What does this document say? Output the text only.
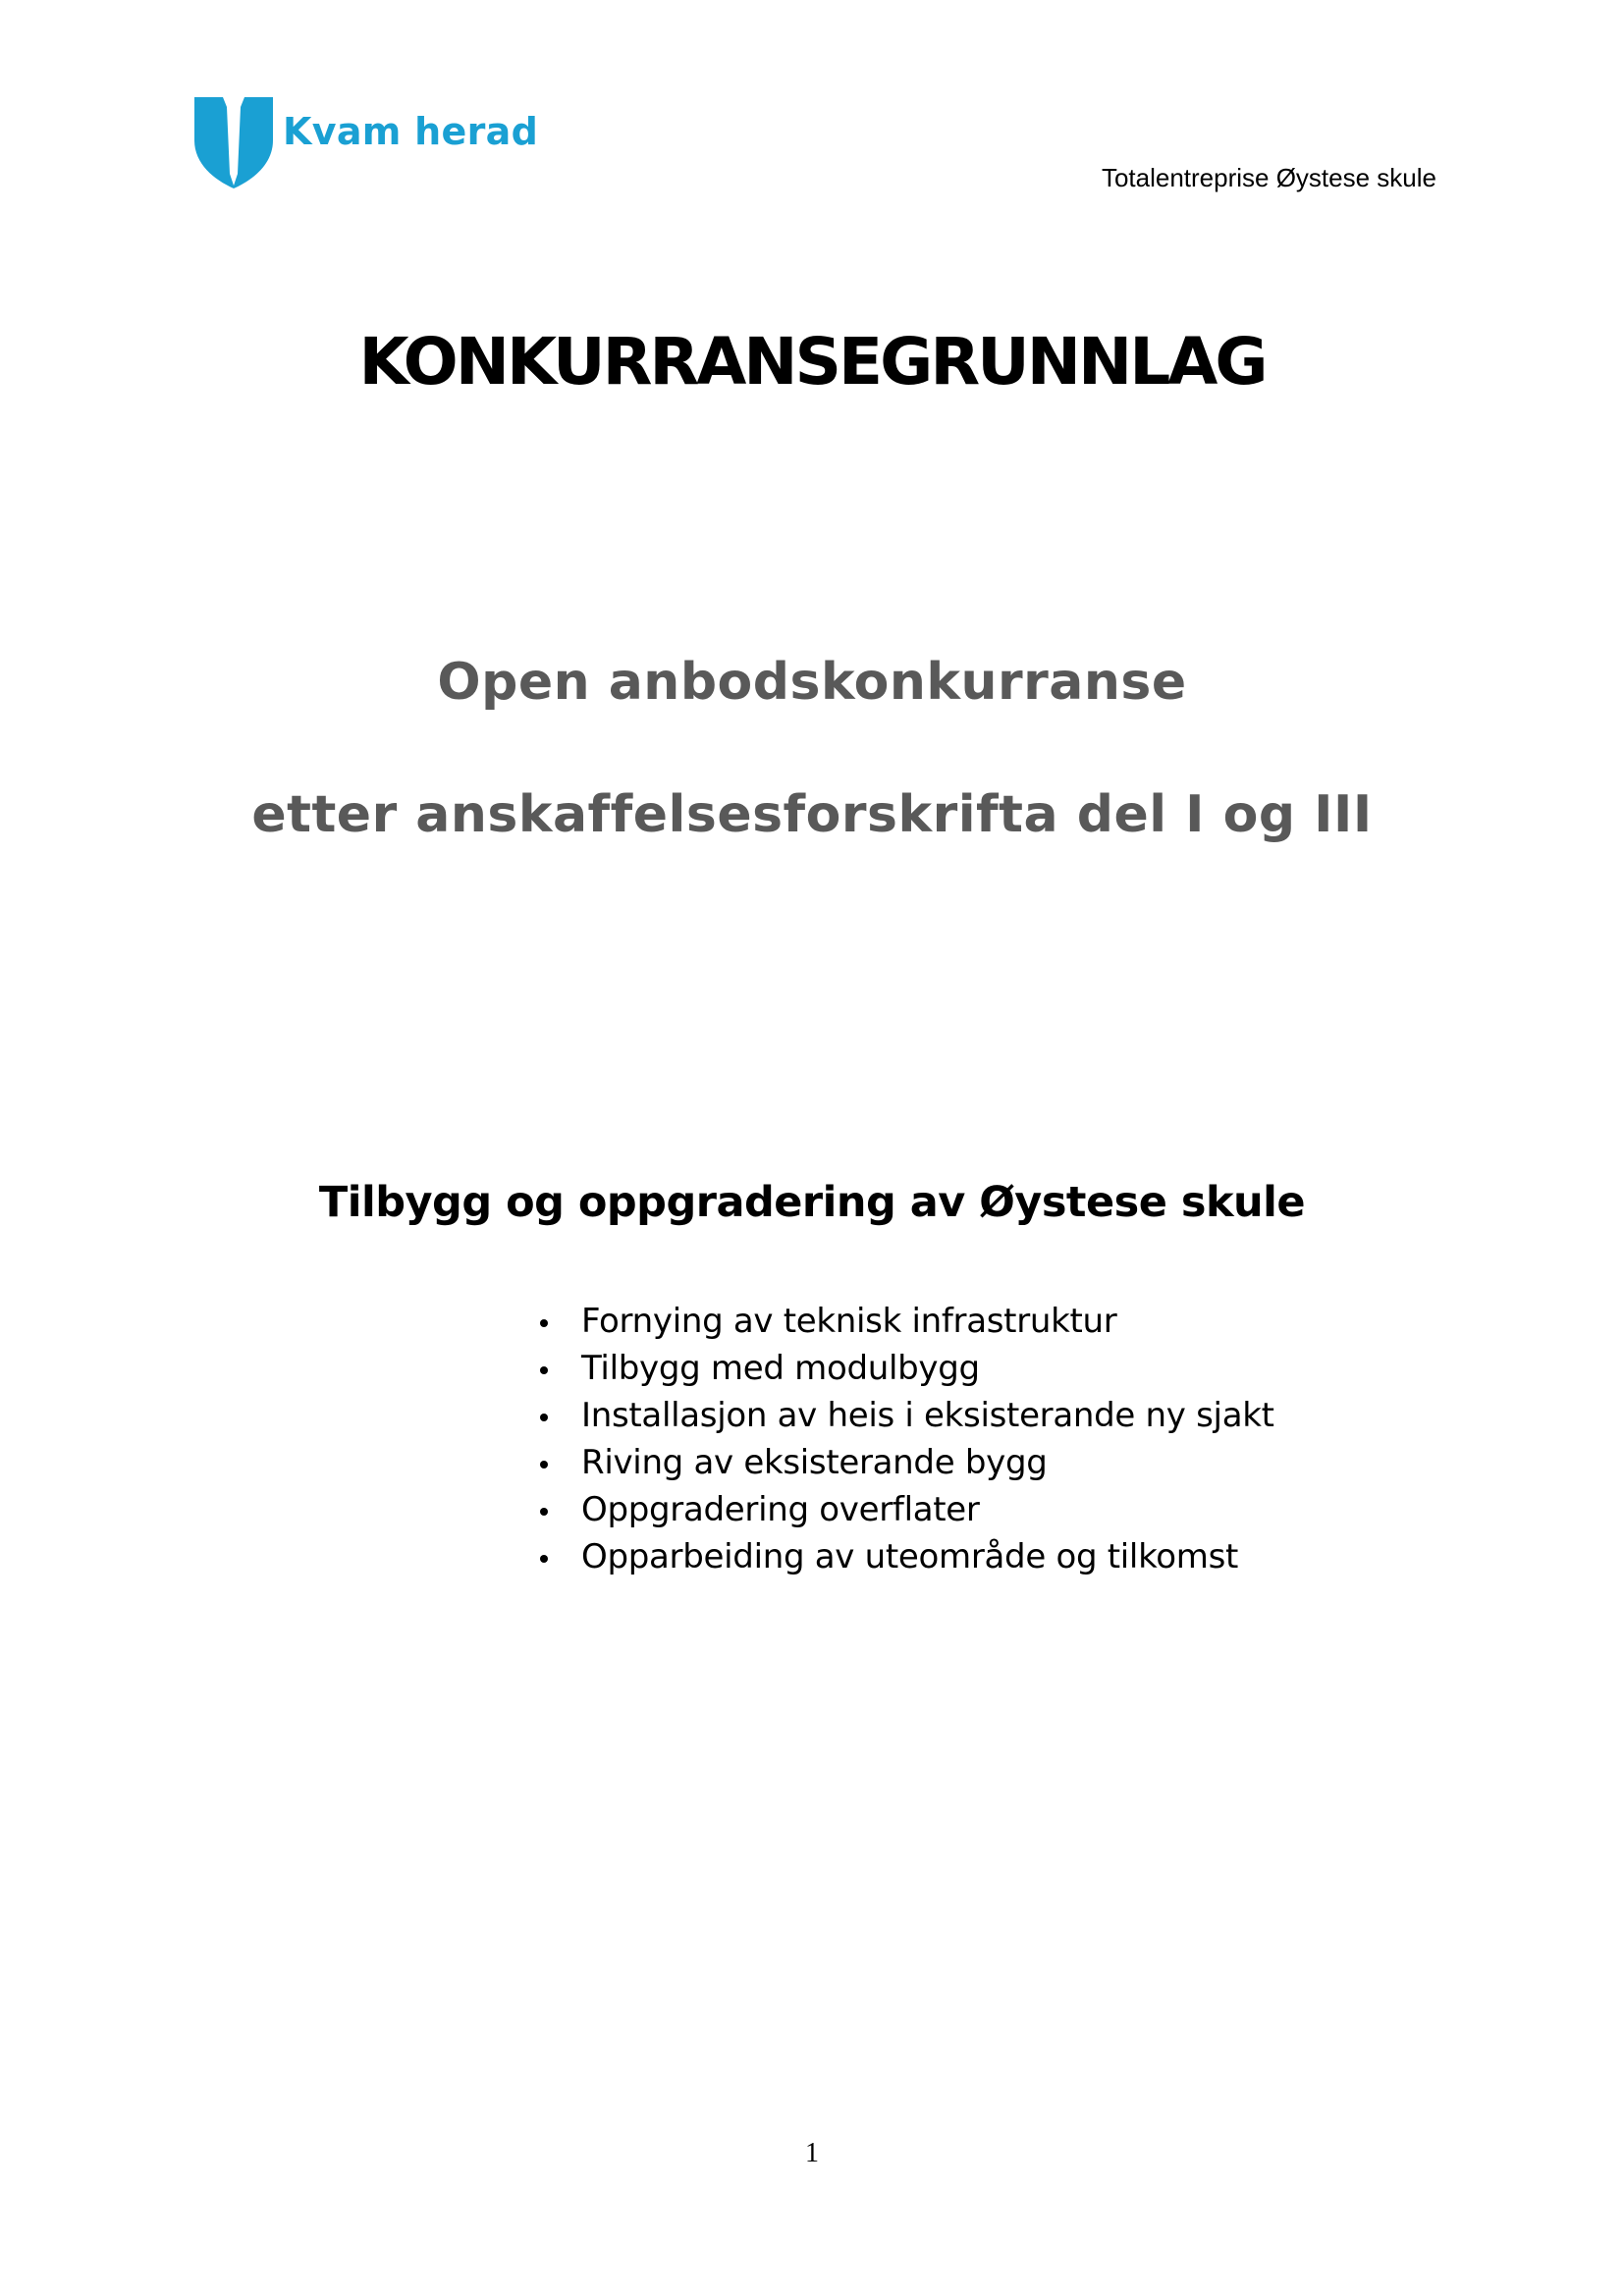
Kvam herad
Totalentreprise Øystese skule
KONKURRANSEGRUNNLAG
Open anbodskonkurranse
etter anskaffelsesforskrifta del I og III
Tilbygg og oppgradering av Øystese skule
Fornying av teknisk infrastruktur
Tilbygg med modulbygg
Installasjon av heis i eksisterande ny sjakt
Riving av eksisterande bygg
Oppgradering overflater
Opparbeiding av uteområde og tilkomst
1
